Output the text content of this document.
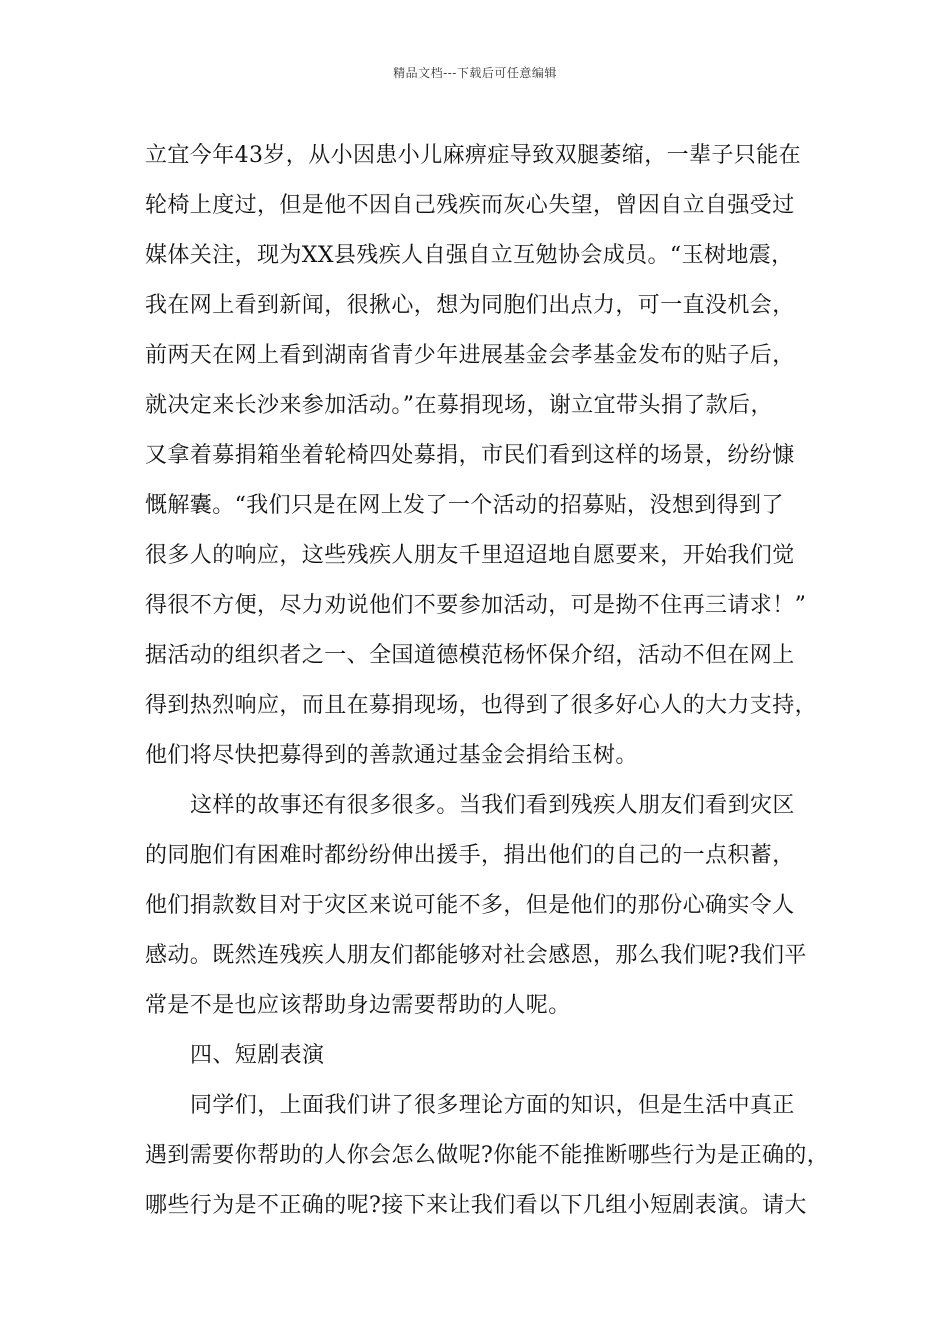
精品文档---下载后可任意编辑
立宜今年43岁，从小因患小儿麻痹症导致双腿萎缩，一辈子只能在
轮椅上度过，但是他不因自己残疾而灰心失望，曾因自立自强受过
媒体关注，现为XX县残疾人自强自立互勉协会成员。“玉树地震，
我在网上看到新闻，很揪心，想为同胞们出点力，可一直没机会，
前两天在网上看到湖南省青少年进展基金会孝基金发布的贴子后，
就决定来长沙来参加活动。”在募捐现场，谢立宜带头捐了款后，
又拿着募捐箱坐着轮椅四处募捐，市民们看到这样的场景，纷纷慷
慨解囊。“我们只是在网上发了一个活动的招募贴，没想到得到了
很多人的响应，这些残疾人朋友千里迢迢地自愿要来，开始我们觉
得很不方便，尽力劝说他们不要参加活动，可是拗不住再三请求！”
据活动的组织者之一、全国道德模范杨怀保介绍，活动不但在网上
得到热烈响应，而且在募捐现场，也得到了很多好心人的大力支持，
他们将尽快把募得到的善款通过基金会捐给玉树。
这样的故事还有很多很多。当我们看到残疾人朋友们看到灾区
的同胞们有困难时都纷纷伸出援手，捐出他们的自己的一点积蓄，
他们捐款数目对于灾区来说可能不多，但是他们的那份心确实令人
感动。既然连残疾人朋友们都能够对社会感恩，那么我们呢?我们平
常是不是也应该帮助身边需要帮助的人呢。
四、短剧表演
同学们，上面我们讲了很多理论方面的知识，但是生活中真正
遇到需要你帮助的人你会怎么做呢?你能不能推断哪些行为是正确的，
哪些行为是不正确的呢?接下来让我们看以下几组小短剧表演。请大
